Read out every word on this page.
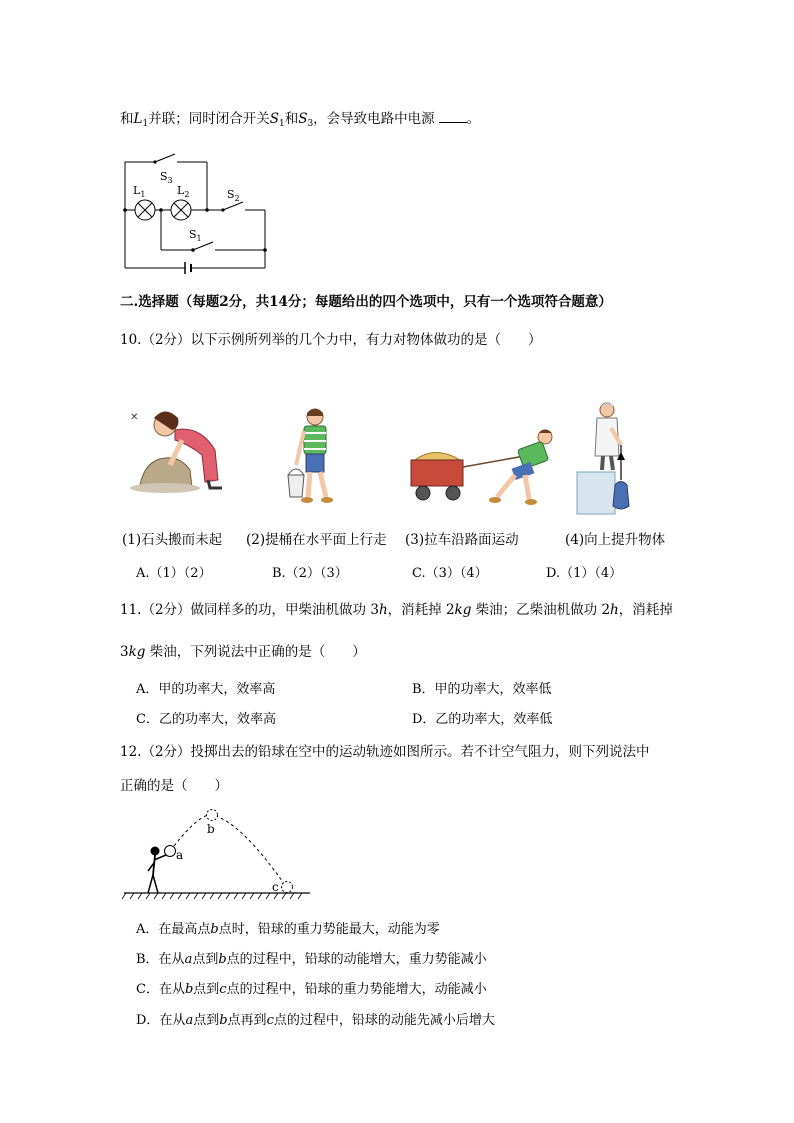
和$L_1$并联；同时闭合开关$S_1$和$S_3$，会导致电路中电源 。
$S_3$
$L_1$	$L_2$	$S_2$
$S_1$
二.选择题（每题2分，共14分；每题给出的四个选项中，只有一个选项符合题意）
10.（2分）以下示例所列举的几个力中，有力对物体做功的是（　　）
✕
(1)石头搬而未起 (2)提桶在水平面上行走 (3)拉车沿路面运动	(4)向上提升物体
A.（1）（2）	B.（2）（3）	C.（3）（4）	D.（1）（4）
11.（2分）做同样多的功，甲柴油机做功 3h，消耗掉 2kg 柴油；乙柴油机做功 2h，消耗掉
3kg 柴油，下列说法中正确的是（　　）
A．甲的功率大，效率高	B．甲的功率大，效率低
C．乙的功率大，效率高	D．乙的功率大，效率低
12.（2分）投掷出去的铅球在空中的运动轨迹如图所示。若不计空气阻力，则下列说法中
正确的是（　　）
a
b
c
A．在最高点b点时，铅球的重力势能最大，动能为零
B．在从a点到b点的过程中，铅球的动能增大，重力势能减小
C．在从b点到c点的过程中，铅球的重力势能增大，动能减小
D．在从a点到b点再到c点的过程中，铅球的动能先减小后增大
